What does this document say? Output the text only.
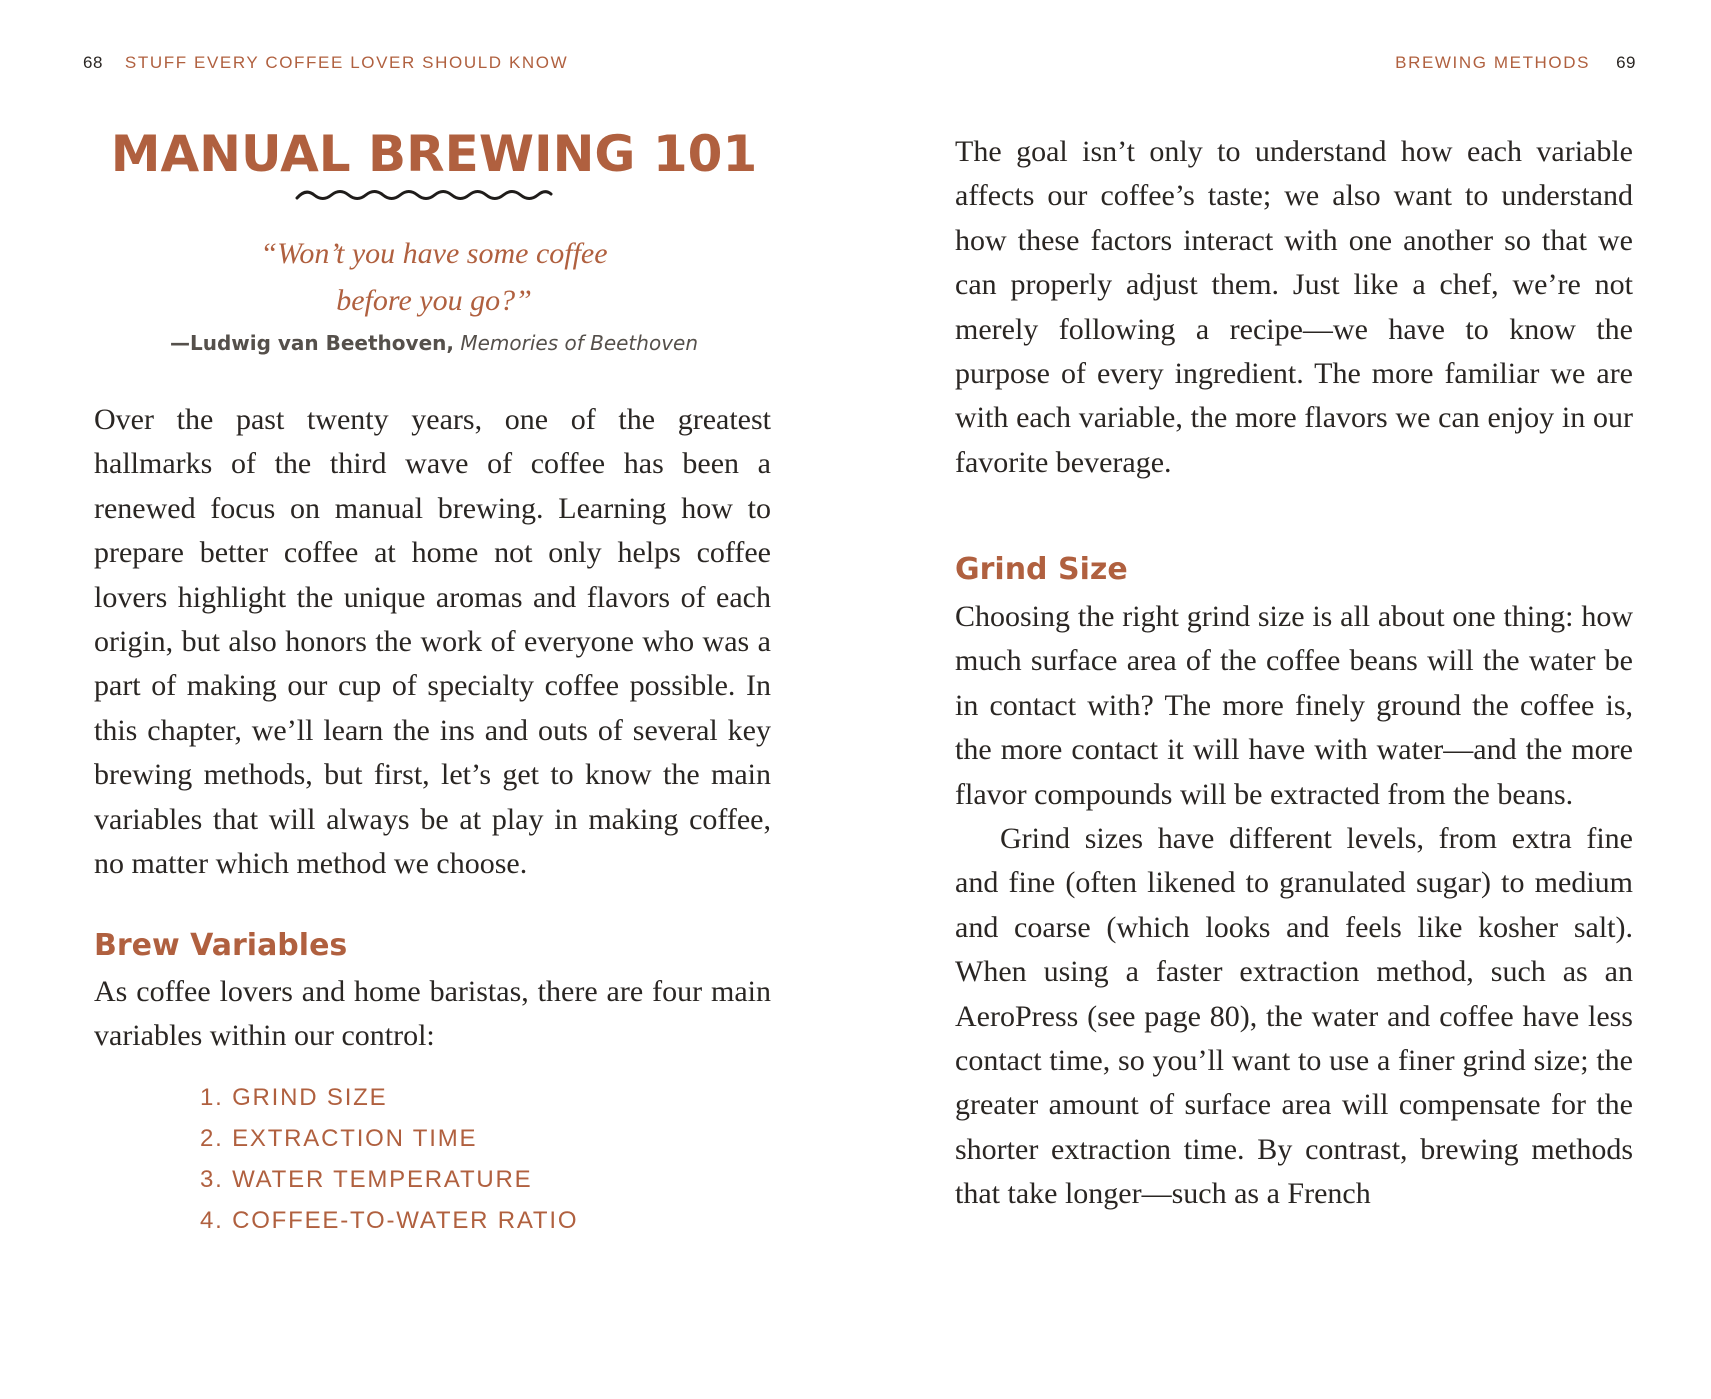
68 STUFF EVERY COFFEE LOVER SHOULD KNOW
MANUAL BREWING 101

“Won’t you have some coffee
before you go?”

—Ludwig van Beethoven, Memories of Beethoven

Over the past twenty years, one of the greatest hallmarks of the third wave of coffee has been a renewed focus on manual brewing. Learning how to prepare better coffee at home not only helps coffee lovers highlight the unique aromas and flavors of each origin, but also honors the work of everyone who was a part of making our cup of specialty coffee possible. In this chapter, we’ll learn the ins and outs of several key brewing methods, but first, let’s get to know the main variables that will always be at play in making coffee, no matter which method we choose.

Brew Variables

As coffee lovers and home baristas, there are four main variables within our control:

1. GRIND SIZE
2. EXTRACTION TIME
3. WATER TEMPERATURE
4. COFFEE-TO-WATER RATIO
BREWING METHODS 69

The goal isn’t only to understand how each variable affects our coffee’s taste; we also want to understand how these factors interact with one another so that we can properly adjust them. Just like a chef, we’re not merely following a recipe—we have to know the purpose of every ingredient. The more familiar we are with each variable, the more flavors we can enjoy in our favorite beverage.

Grind Size

Choosing the right grind size is all about one thing: how much surface area of the coffee beans will the water be in contact with? The more finely ground the coffee is, the more contact it will have with water—and the more flavor compounds will be extracted from the beans.

Grind sizes have different levels, from extra fine and fine (often likened to granulated sugar) to medium and coarse (which looks and feels like kosher salt). When using a faster extraction method, such as an AeroPress (see page 80), the water and coffee have less contact time, so you’ll want to use a finer grind size; the greater amount of surface area will compensate for the shorter extraction time. By contrast, brewing methods that take longer—such as a French
